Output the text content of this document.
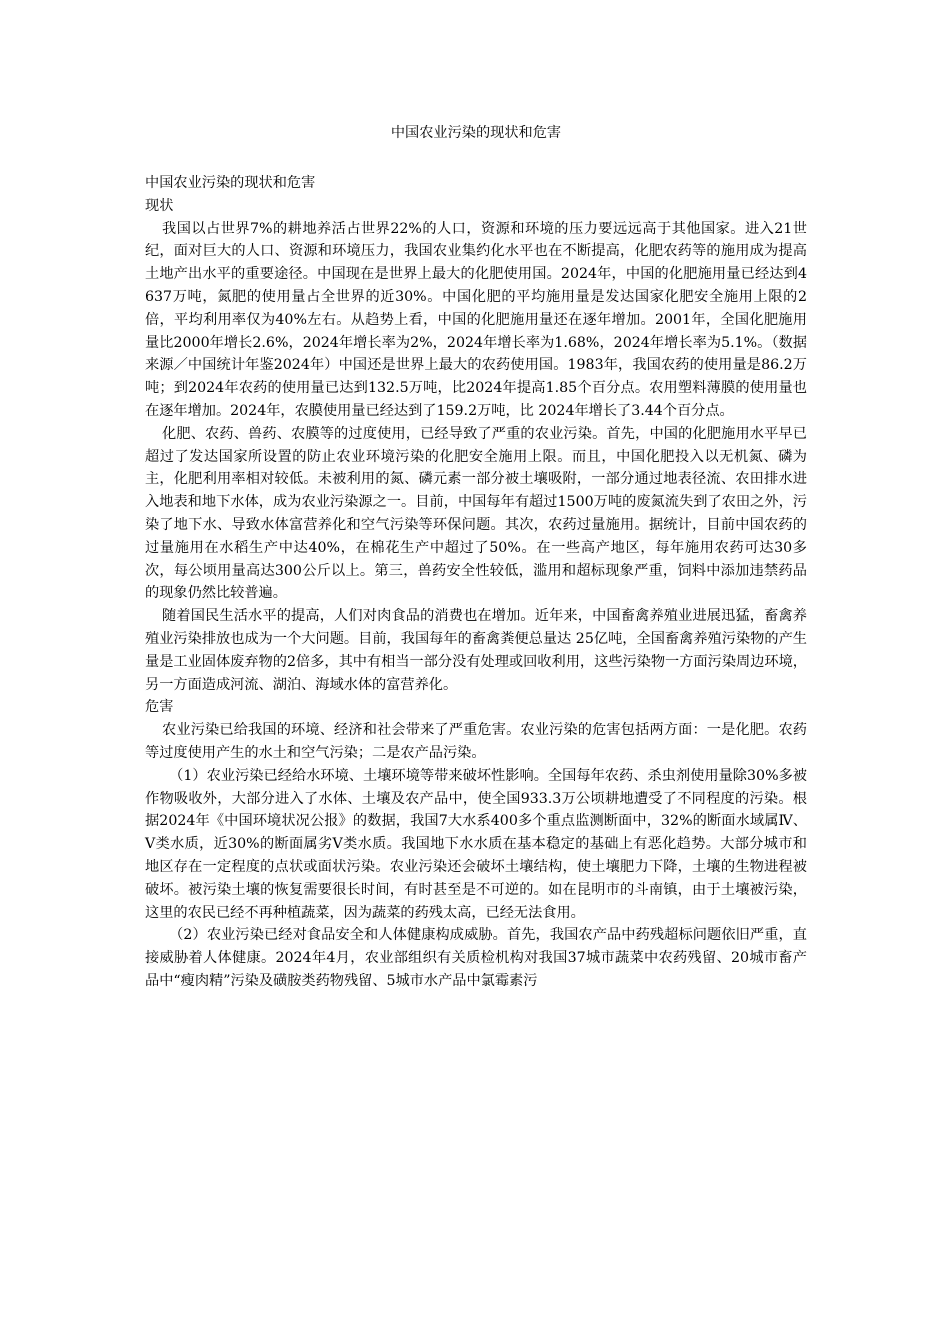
中国农业污染的现状和危害

中国农业污染的现状和危害

现状

我国以占世界7%的耕地养活占世界22%的人口，资源和环境的压力要远远高于其他国家。进入21世纪，面对巨大的人口、资源和环境压力，我国农业集约化水平也在不断提高，化肥农药等的施用成为提高土地产出水平的重要途径。中国现在是世界上最大的化肥使用国。2024年，中国的化肥施用量已经达到4637万吨，氮肥的使用量占全世界的近30%。中国化肥的平均施用量是发达国家化肥安全施用上限的2倍，平均利用率仅为40%左右。从趋势上看，中国的化肥施用量还在逐年增加。2001年，全国化肥施用量比2000年增长2.6%，2024年增长率为2%，2024年增长率为1.68%，2024年增长率为5.1%。（数据来源／中国统计年鉴2024年）中国还是世界上最大的农药使用国。1983年，我国农药的使用量是86.2万吨；到2024年农药的使用量已达到132.5万吨，比2024年提高1.85个百分点。农用塑料薄膜的使用量也在逐年增加。2024年，农膜使用量已经达到了159.2万吨，比 2024年增长了3.44个百分点。

化肥、农药、兽药、农膜等的过度使用，已经导致了严重的农业污染。首先，中国的化肥施用水平早已超过了发达国家所设置的防止农业环境污染的化肥安全施用上限。而且，中国化肥投入以无机氮、磷为主，化肥利用率相对较低。未被利用的氮、磷元素一部分被土壤吸附，一部分通过地表径流、农田排水进入地表和地下水体，成为农业污染源之一。目前，中国每年有超过1500万吨的废氮流失到了农田之外，污染了地下水、导致水体富营养化和空气污染等环保问题。其次，农药过量施用。据统计，目前中国农药的过量施用在水稻生产中达40%，在棉花生产中超过了50%。在一些高产地区，每年施用农药可达30多次，每公顷用量高达300公斤以上。第三，兽药安全性较低，滥用和超标现象严重，饲料中添加违禁药品的现象仍然比较普遍。

随着国民生活水平的提高，人们对肉食品的消费也在增加。近年来，中国畜禽养殖业进展迅猛，畜禽养殖业污染排放也成为一个大问题。目前，我国每年的畜禽粪便总量达 25亿吨，全国畜禽养殖污染物的产生量是工业固体废弃物的2倍多，其中有相当一部分没有处理或回收利用，这些污染物一方面污染周边环境，另一方面造成河流、湖泊、海域水体的富营养化。

危害

农业污染已给我国的环境、经济和社会带来了严重危害。农业污染的危害包括两方面：一是化肥。农药等过度使用产生的水土和空气污染；二是农产品污染。

（1）农业污染已经给水环境、土壤环境等带来破坏性影响。全国每年农药、杀虫剂使用量除30%多被作物吸收外，大部分进入了水体、土壤及农产品中，使全国933.3万公顷耕地遭受了不同程度的污染。根据2024年《中国环境状况公报》的数据，我国7大水系400多个重点监测断面中，32%的断面水域属Ⅳ、Ⅴ类水质，近30%的断面属劣Ⅴ类水质。我国地下水水质在基本稳定的基础上有恶化趋势。大部分城市和地区存在一定程度的点状或面状污染。农业污染还会破坏土壤结构，使土壤肥力下降，土壤的生物进程被破坏。被污染土壤的恢复需要很长时间，有时甚至是不可逆的。如在昆明市的斗南镇，由于土壤被污染，这里的农民已经不再种植蔬菜，因为蔬菜的药残太高，已经无法食用。

（2）农业污染已经对食品安全和人体健康构成威胁。首先，我国农产品中药残超标问题依旧严重，直接威胁着人体健康。2024年4月，农业部组织有关质检机构对我国37城市蔬菜中农药残留、20城市畜产品中“瘦肉精”污染及磺胺类药物残留、5城市水产品中氯霉素污
